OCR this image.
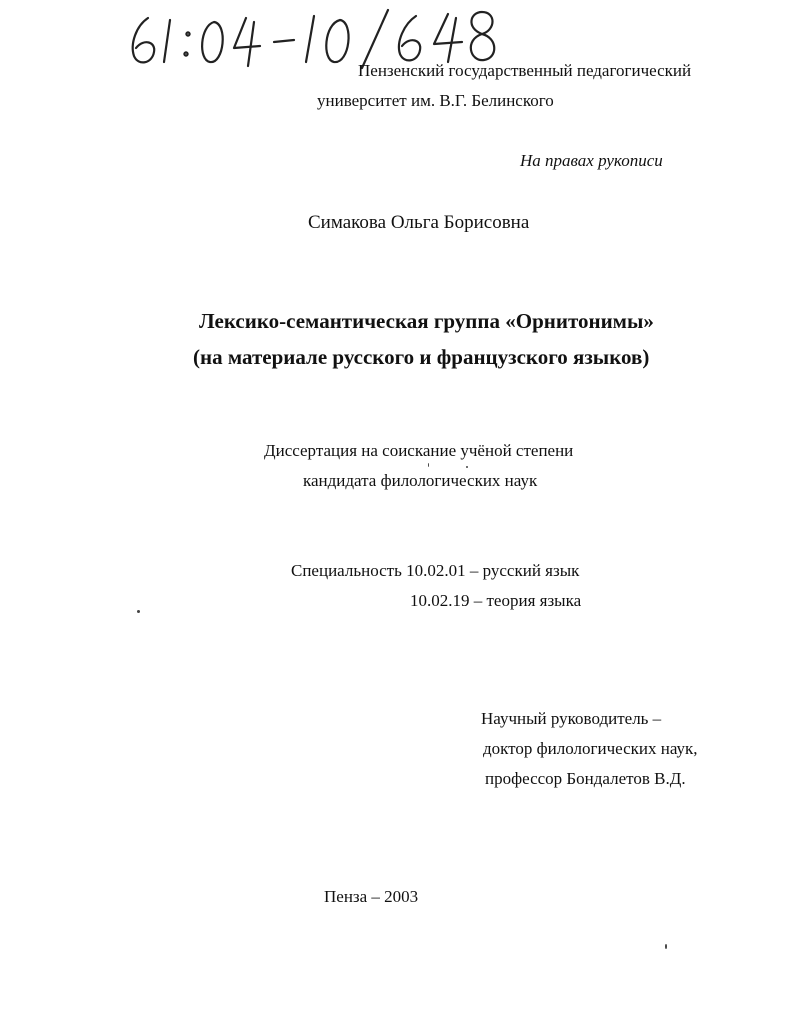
Пензенский государственный педагогический
университет им. В.Г. Белинского
На правах рукописи
Симакова Ольга Борисовна
Лексико-семантическая группа «Орнитонимы»
(на материале русского и французского языков)
Диссертация на соискание учёной степени
кандидата филологических наук
Специальность 10.02.01 – русский язык
10.02.19 – теория языка
Научный руководитель –
доктор филологических наук,
профессор Бондалетов В.Д.
Пенза – 2003
